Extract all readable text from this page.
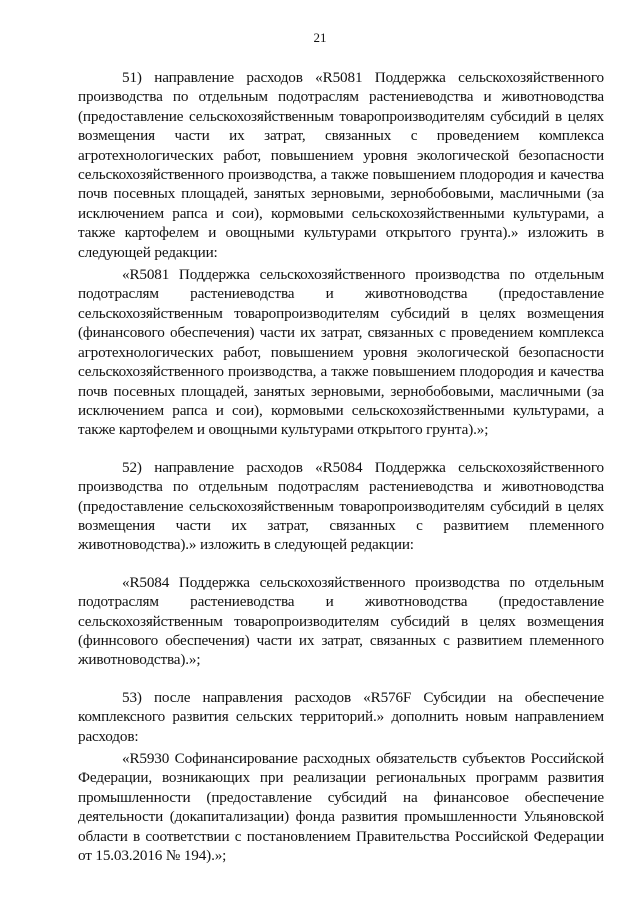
21

51) направление расходов «R5081 Поддержка сельскохозяйственного производства по отдельным подотраслям растениеводства и животноводства (предоставление сельскохозяйственным товаропроизводителям субсидий в целях возмещения части их затрат, связанных с проведением комплекса агротехнологических работ, повышением уровня экологической безопасности сельскохозяйственного производства, а также повышением плодородия и качества почв посевных площадей, занятых зерновыми, зернобобовыми, масличными (за исключением рапса и сои), кормовыми сельскохозяйственными культурами, а также картофелем и овощными культурами открытого грунта).» изложить в следующей редакции:

«R5081 Поддержка сельскохозяйственного производства по отдельным подотраслям растениеводства и животноводства (предоставление сельскохозяйственным товаропроизводителям субсидий в целях возмещения (финансового обеспечения) части их затрат, связанных с проведением комплекса агротехнологических работ, повышением уровня экологической безопасности сельскохозяйственного производства, а также повышением плодородия и качества почв посевных площадей, занятых зерновыми, зернобобовыми, масличными (за исключением рапса и сои), кормовыми сельскохозяйственными культурами, а также картофелем и овощными культурами открытого грунта).»;

52) направление расходов «R5084 Поддержка сельскохозяйственного производства по отдельным подотраслям растениеводства и животноводства (предоставление сельскохозяйственным товаропроизводителям субсидий в целях возмещения части их затрат, связанных с развитием племенного животноводства).» изложить в следующей редакции:

«R5084 Поддержка сельскохозяйственного производства по отдельным подотраслям растениеводства и животноводства (предоставление сельскохозяйственным товаропроизводителям субсидий в целях возмещения (финнсового обеспечения) части их затрат, связанных с развитием племенного животноводства).»;

53) после направления расходов «R576F Субсидии на обеспечение комплексного развития сельских территорий.» дополнить новым направлением расходов:

«R5930 Софинансирование расходных обязательств субъектов Российской Федерации, возникающих при реализации региональных программ развития промышленности (предоставление субсидий на финансовое обеспечение деятельности (докапитализации) фонда развития промышленности Ульяновской области в соответствии с постановлением Правительства Российской Федерации от 15.03.2016 № 194).»;
